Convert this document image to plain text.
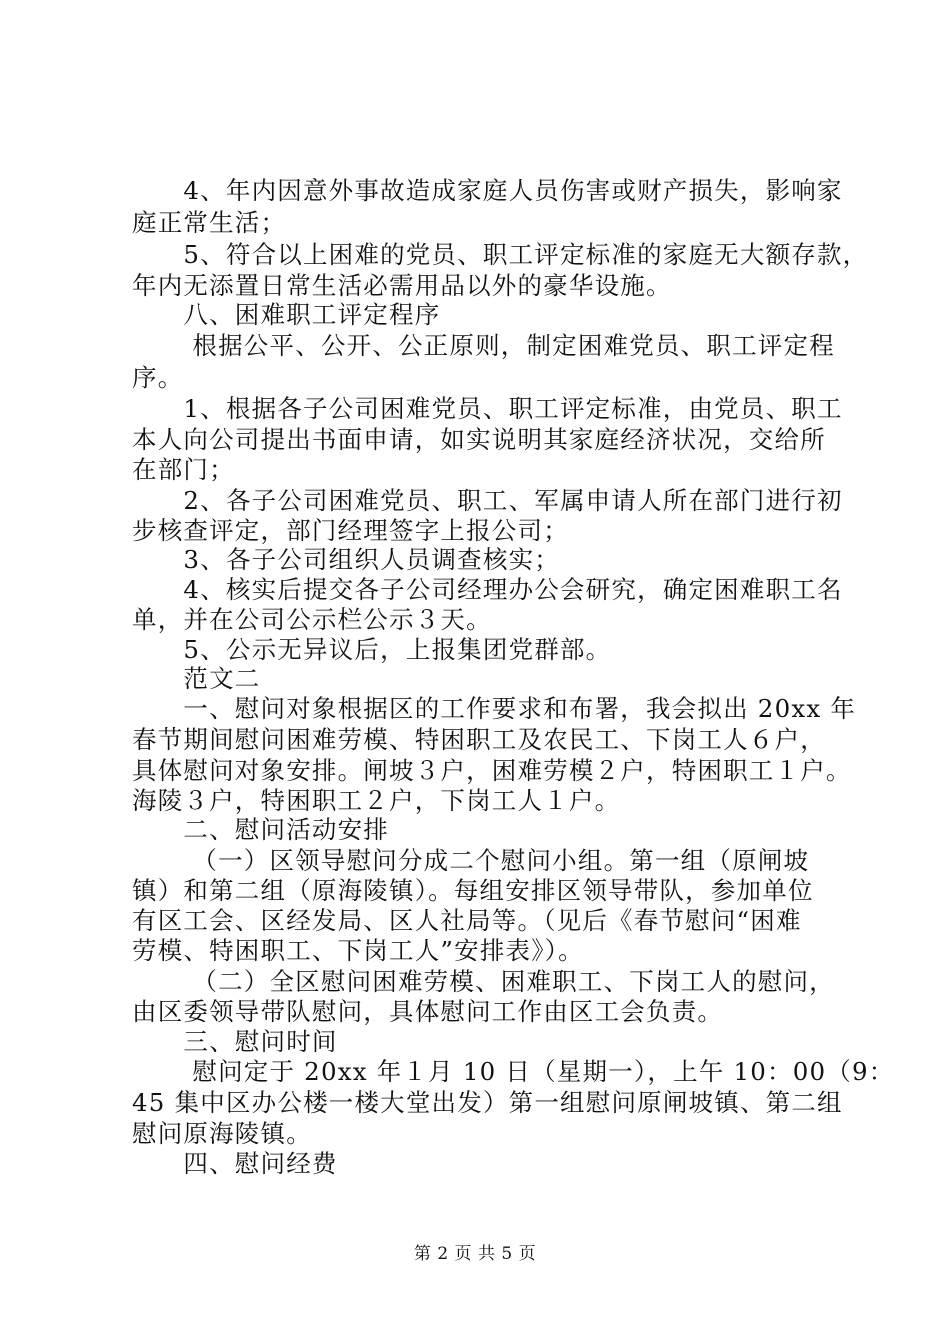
　　4、年内因意外事故造成家庭人员伤害或财产损失，影响家
庭正常生活；
　　5、符合以上困难的党员、职工评定标准的家庭无大额存款，
年内无添置日常生活必需用品以外的豪华设施。
　　八、困难职工评定程序
　　 根据公平、公开、公正原则，制定困难党员、职工评定程
序。
　　1、根据各子公司困难党员、职工评定标准，由党员、职工
本人向公司提出书面申请，如实说明其家庭经济状况，交给所
在部门；
　　2、各子公司困难党员、职工、军属申请人所在部门进行初
步核查评定，部门经理签字上报公司；
　　3、各子公司组织人员调查核实；
　　4、核实后提交各子公司经理办公会研究，确定困难职工名
单，并在公司公示栏公示３天。
　　5、公示无异议后，上报集团党群部。
　　范文二
　　一、慰问对象根据区的工作要求和布署，我会拟出 20xx 年
春节期间慰问困难劳模、特困职工及农民工、下岗工人６户，
具体慰问对象安排。闸坡３户，困难劳模２户，特困职工１户。
海陵３户，特困职工２户，下岗工人１户。
　　二、慰问活动安排
　　 （一）区领导慰问分成二个慰问小组。第一组（原闸坡
镇）和第二组（原海陵镇）。每组安排区领导带队，参加单位
有区工会、区经发局、区人社局等。（见后《春节慰问“困难
劳模、特困职工、下岗工人”安排表》）。
　　 （二）全区慰问困难劳模、困难职工、下岗工人的慰问，
由区委领导带队慰问，具体慰问工作由区工会负责。
　　三、慰问时间
　　 慰问定于 20xx 年１月 10 日（星期一），上午 10：00（9：
45 集中区办公楼一楼大堂出发）第一组慰问原闸坡镇、第二组
慰问原海陵镇。
　　四、慰问经费
第 2 页 共 5 页
